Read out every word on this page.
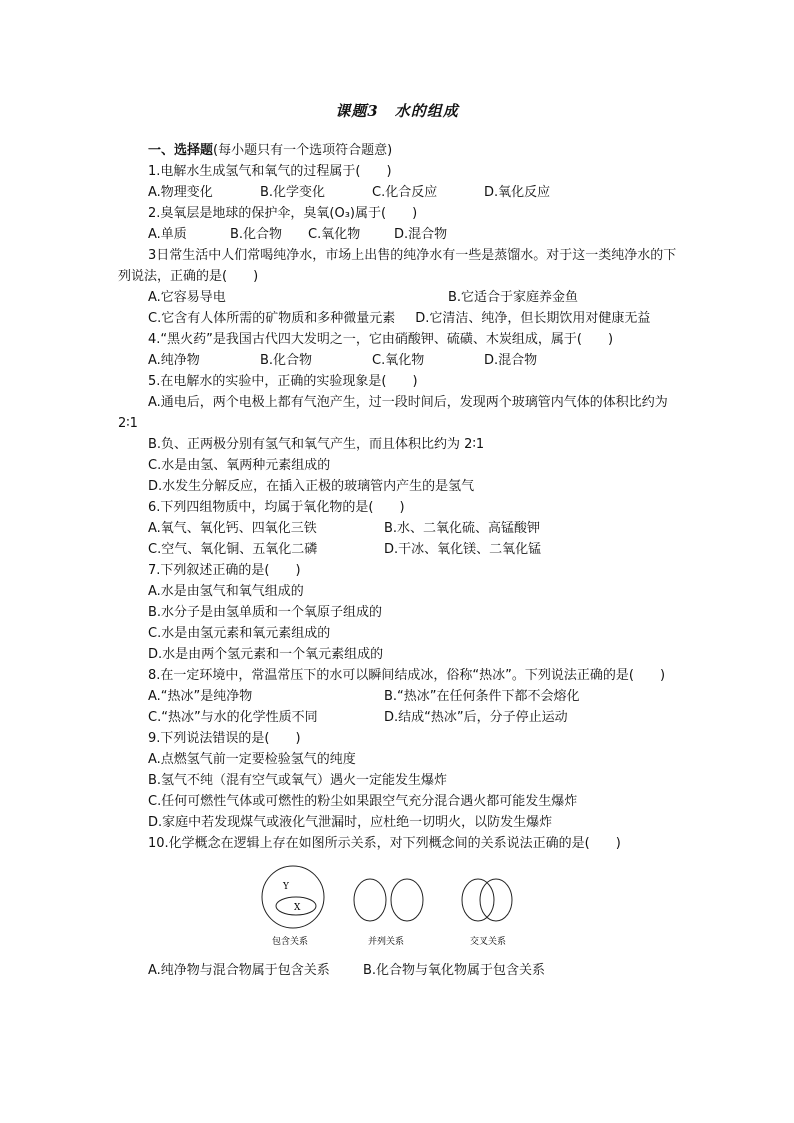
课题3　水的组成
一、选择题(每小题只有一个选项符合题意)
1.电解水生成氢气和氧气的过程属于(　　)
A.物理变化	B.化学变化	C.化合反应	D.氧化反应
2.臭氧层是地球的保护伞，臭氧(O₃)属于(　　)
A.单质	B.化合物	C.氧化物	D.混合物
3日常生活中人们常喝纯净水，市场上出售的纯净水有一些是蒸馏水。对于这一类纯净水的下列说法，正确的是(　　)
A.它容易导电	B.它适合于家庭养金鱼
C.它含有人体所需的矿物质和多种微量元素 D.它清洁、纯净，但长期饮用对健康无益
4.“黑火药”是我国古代四大发明之一，它由硝酸钾、硫磺、木炭组成，属于(　　)
A.纯净物	B.化合物	C.氧化物	D.混合物
5.在电解水的实验中，正确的实验现象是(　　)
A.通电后，两个电极上都有气泡产生，过一段时间后，发现两个玻璃管内气体的体积比约为 2∶1
B.负、正两极分别有氢气和氧气产生，而且体积比约为 2∶1
C.水是由氢、氧两种元素组成的
D.水发生分解反应，在插入正极的玻璃管内产生的是氢气
6.下列四组物质中，均属于氧化物的是(　　)
A.氧气、氧化钙、四氧化三铁	B.水、二氧化硫、高锰酸钾
C.空气、氧化铜、五氧化二磷	D.干冰、氧化镁、二氧化锰
7.下列叙述正确的是(　　)
A.水是由氢气和氧气组成的
B.水分子是由氢单质和一个氧原子组成的
C.水是由氢元素和氧元素组成的
D.水是由两个氢元素和一个氧元素组成的
8.在一定环境中，常温常压下的水可以瞬间结成冰，俗称“热冰”。下列说法正确的是(　　)
A.“热冰”是纯净物	B.“热冰”在任何条件下都不会熔化
C.“热冰”与水的化学性质不同	D.结成“热冰”后，分子停止运动
9.下列说法错误的是(　　)
A.点燃氢气前一定要检验氢气的纯度
B.氢气不纯（混有空气或氧气）遇火一定能发生爆炸
C.任何可燃性气体或可燃性的粉尘如果跟空气充分混合遇火都可能发生爆炸
D.家庭中若发现煤气或液化气泄漏时，应杜绝一切明火，以防发生爆炸
10.化学概念在逻辑上存在如图所示关系，对下列概念间的关系说法正确的是(　　)
Y
X
包含关系	并列关系	交叉关系
A.纯净物与混合物属于包含关系	B.化合物与氧化物属于包含关系
